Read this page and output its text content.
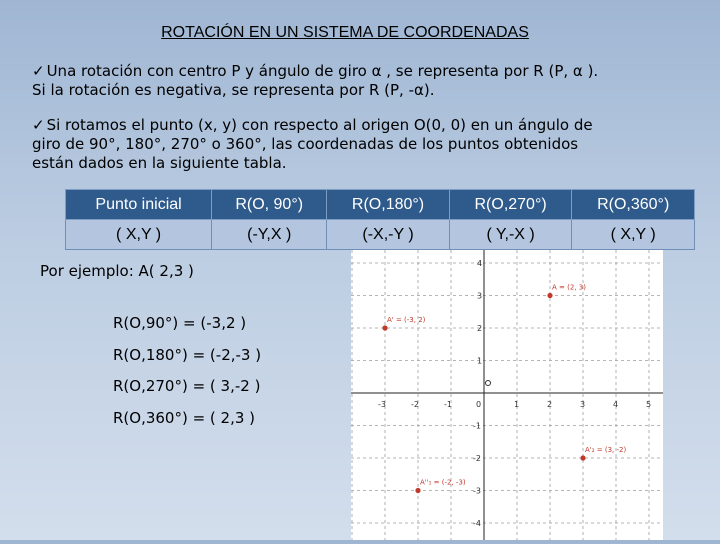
ROTACIÓN EN UN SISTEMA DE COORDENADAS
✓ Una rotación con centro P y ángulo de giro α , se representa por R (P, α ).
Si la rotación es negativa, se representa por R (P, -α).
✓ Si rotamos el punto (x, y) con respecto al origen O(0, 0) en un ángulo de
giro de 90°, 180°, 270° o 360°, las coordenadas de los puntos obtenidos
están dados en la siguiente tabla.
Punto inicial	R(O, 90°)	R(O,180°)	R(O,270°)	R(O,360°)
( X,Y )	(-Y,X )	(-X,-Y )	( Y,-X )	( X,Y )
Por ejemplo: A( 2,3 )
R(O,90°) = (-3,2 )
R(O,180°) = (-2,-3 )
R(O,270°) = ( 3,-2 )
R(O,360°) = ( 2,3 )
-3	-2	-1	0	1	2	3	4	5
4
3
2
1
-1
-2
-3
-4
A = (2, 3)
A' = (-3, 2)
A''₁ = (-2, -3)
A'₂ = (3, -2)
